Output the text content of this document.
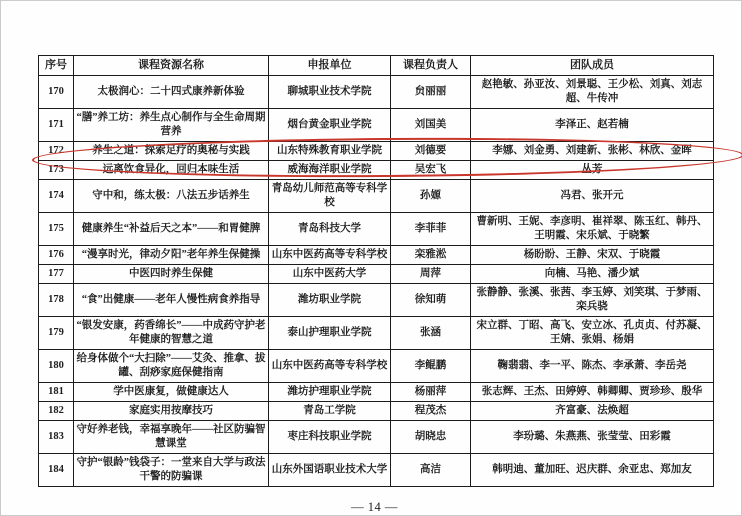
序号	课程资源名称	申报单位	课程负责人	团队成员
170	太极润心：二十四式康养新体验	聊城职业技术学院	贠丽丽	赵艳敏、孙亚汝、刘景聪、王少松、刘真、刘志超、牛传冲
171	“膳”养工坊：养生点心制作与全生命周期营养	烟台黄金职业学院	刘国美	李泽正、赵若楠
172	养生之道：探索足疗的奥秘与实践	山东特殊教育职业学院	刘德要	李娜、刘金勇、刘建新、张彬、林欣、金晖
173	远离饮食异化，回归本味生活	威海海洋职业学院	吴宏飞	丛芳
174	守中和，练太极：八法五步话养生	青岛幼儿师范高等专科学校	孙嫄	冯君、张开元
175	健康养生“补益后天之本”——和胃健脾	青岛科技大学	李菲菲	曹新明、王妮、李彦明、崔祥翠、陈玉红、韩丹、王明霞、宋乐斌、于晓繁
176	“漫享时光，律动夕阳”老年养生保健操	山东中医药高等专科学校	栾雅淞	杨盼盼、王静、宋双、于晓霞
177	中医四时养生保健	山东中医药大学	周萍	向楠、马艳、潘少斌
178	“食”出健康——老年人慢性病食养指导	潍坊职业学院	徐知萌	张静静、张溪、张茜、李玉婷、刘笑琪、于梦雨、栾兵骁
179	“银发安康，药香绵长”——中成药守护老年健康的智慧之道	泰山护理职业学院	张涵	宋立群、丁昭、高飞、安立冰、孔贞贞、付苏凝、王婧、张娟、杨娟
180	给身体做个“大扫除”——艾灸、推拿、拔罐、刮痧家庭保健指南	山东中医药高等专科学校	李鲲鹏	鞠翡翡、李一平、陈杰、李承萧、李岳尧
181	学中医康复，做健康达人	潍坊护理职业学院	杨丽萍	张志辉、王杰、田婷婷、韩卿卿、贾珍珍、殷华
182	家庭实用按摩技巧	青岛工学院	程茂杰	齐富豪、法焕超
183	守好养老钱，幸福享晚年——社区防骗智慧课堂	枣庄科技职业学院	胡晓忠	李玢璐、朱燕燕、张莹莹、田彩霞
184	守护“银龄”钱袋子：一堂来自大学与政法干警的防骗课	山东外国语职业技术大学	高洁	韩明迪、董加旺、迟庆群、余亚忠、郑加友
— 14 —
